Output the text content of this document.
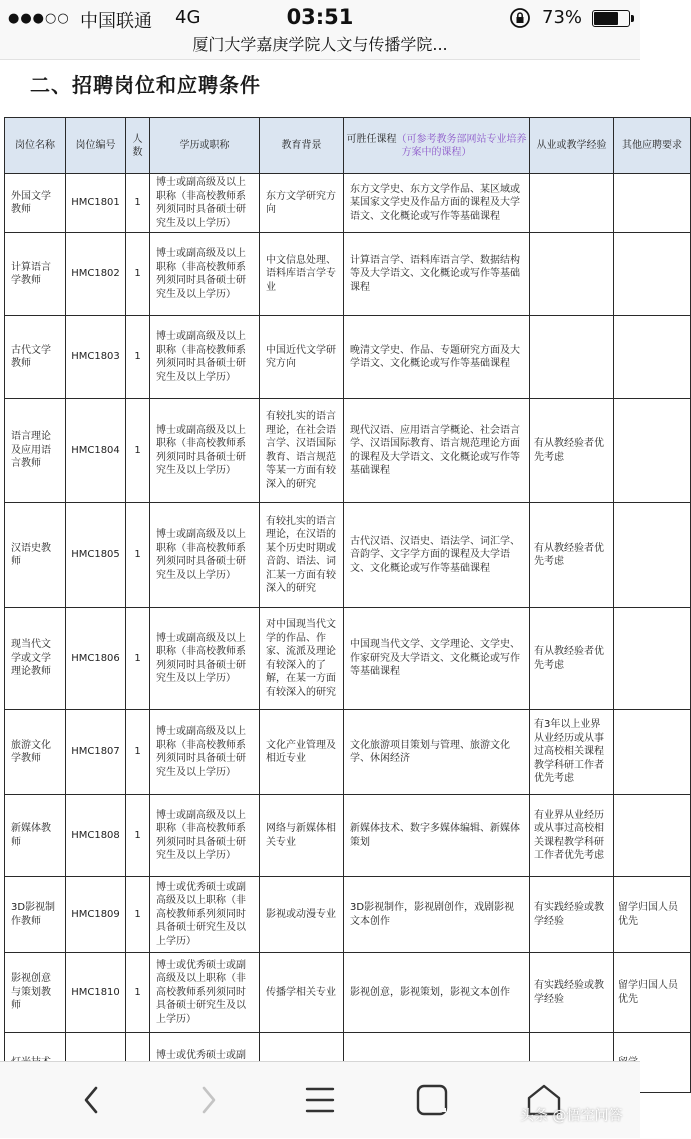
●●●○○ 中国联通 4G	03:51	73%
厦门大学嘉庚学院人文与传播学院...
二、招聘岗位和应聘条件
岗位名称	岗位编号	人数	学历或职称	教育背景	可胜任课程（可参考教务部网站专业培养方案中的课程）	从业或教学经验	其他应聘要求
外国文学教师	HMC1801	1	博士或副高级及以上职称（非高校教师系列须同时具备硕士研究生及以上学历）	东方文学研究方向	东方文学史、东方文学作品、某区域或某国家文学史及作品方面的课程及大学语文、文化概论或写作等基础课程		
计算语言学教师	HMC1802	1	博士或副高级及以上职称（非高校教师系列须同时具备硕士研究生及以上学历）	中文信息处理、语料库语言学专业	计算语言学、语料库语言学、数据结构等及大学语文、文化概论或写作等基础课程		
古代文学教师	HMC1803	1	博士或副高级及以上职称（非高校教师系列须同时具备硕士研究生及以上学历）	中国近代文学研究方向	晚清文学史、作品、专题研究方面及大学语文、文化概论或写作等基础课程		
语言理论及应用语言教师	HMC1804	1	博士或副高级及以上职称（非高校教师系列须同时具备硕士研究生及以上学历）	有较扎实的语言理论，在社会语言学、汉语国际教育、语言规范等某一方面有较深入的研究	现代汉语、应用语言学概论、社会语言学、汉语国际教育、语言规范理论方面的课程及大学语文、文化概论或写作等基础课程	有从教经验者优先考虑	
汉语史教师	HMC1805	1	博士或副高级及以上职称（非高校教师系列须同时具备硕士研究生及以上学历）	有较扎实的语言理论，在汉语的某个历史时期或音韵、语法、词汇某一方面有较深入的研究	古代汉语、汉语史、语法学、词汇学、音韵学、文字学方面的课程及大学语文、文化概论或写作等基础课程	有从教经验者优先考虑	
现当代文学或文学理论教师	HMC1806	1	博士或副高级及以上职称（非高校教师系列须同时具备硕士研究生及以上学历）	对中国现当代文学的作品、作家、流派及理论有较深入的了解，在某一方面有较深入的研究	中国现当代文学、文学理论、文学史、作家研究及大学语文、文化概论或写作等基础课程	有从教经验者优先考虑	
旅游文化学教师	HMC1807	1	博士或副高级及以上职称（非高校教师系列须同时具备硕士研究生及以上学历）	文化产业管理及相近专业	文化旅游项目策划与管理、旅游文化学、休闲经济	有3年以上业界从业经历或从事过高校相关课程教学科研工作者优先考虑	
新媒体教师	HMC1808	1	博士或副高级及以上职称（非高校教师系列须同时具备硕士研究生及以上学历）	网络与新媒体相关专业	新媒体技术、数字多媒体编辑、新媒体策划	有业界从业经历或从事过高校相关课程教学科研工作者优先考虑	
3D影视制作教师	HMC1809	1	博士或优秀硕士或副高级及以上职称（非高校教师系列须同时具备硕士研究生及以上学历）	影视或动漫专业	3D影视制作，影视剧创作，戏剧影视文本创作	有实践经验或教学经验	留学归国人员优先
影视创意与策划教师	HMC1810	1	博士或优秀硕士或副高级及以上职称（非高校教师系列须同时具备硕士研究生及以上学历）	传播学相关专业	影视创意，影视策划，影视文本创作	有实践经验或教学经验	留学归国人员优先
			博士或优秀硕士或副				
头条 @悟空问答
